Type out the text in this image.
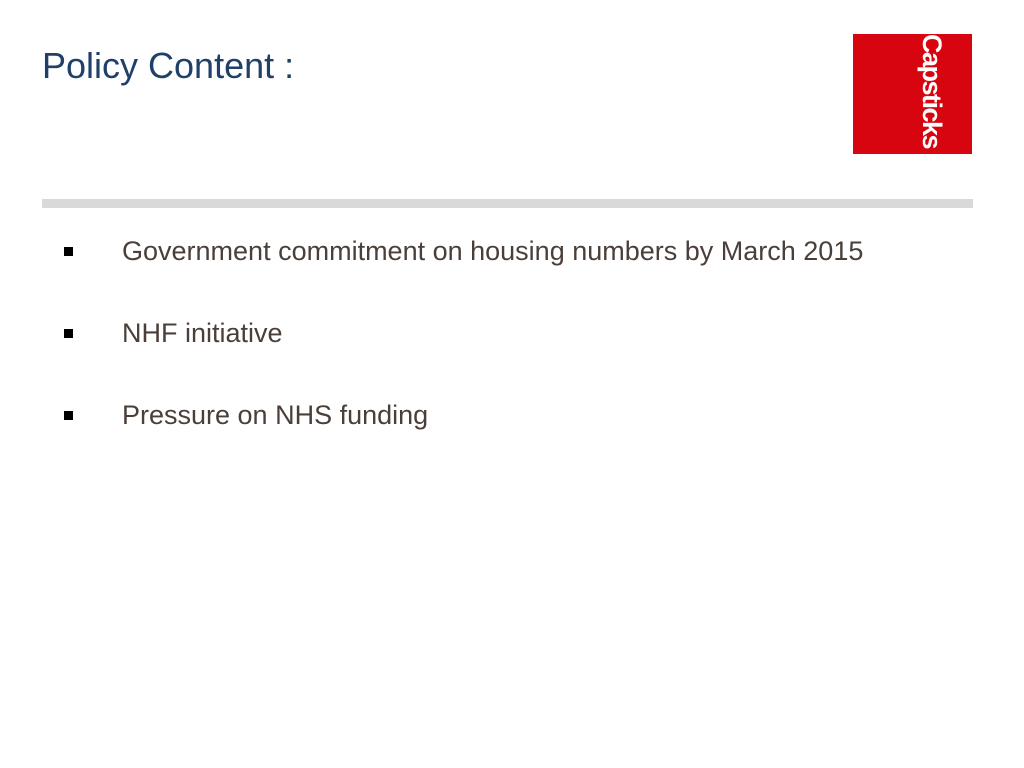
Policy Content :	Capsticks
Government commitment on housing numbers by March 2015
NHF initiative
Pressure on NHS funding
